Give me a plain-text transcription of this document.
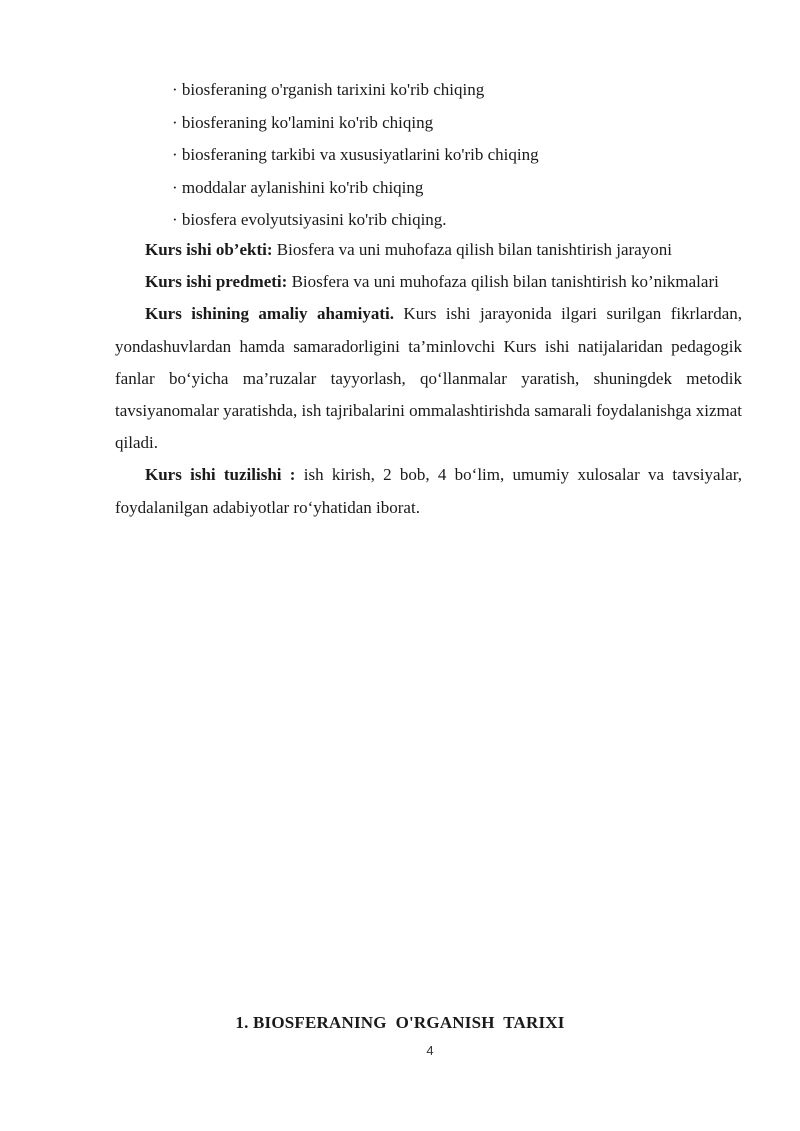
· biosferaning o'rganish tarixini ko'rib chiqing
· biosferaning ko'lamini ko'rib chiqing
· biosferaning tarkibi va xususiyatlarini ko'rib chiqing
· moddalar aylanishini ko'rib chiqing
· biosfera evolyutsiyasini ko'rib chiqing.

Kurs ishi ob’ekti: Biosfera va uni muhofaza qilish bilan tanishtirish jarayoni

Kurs ishi predmeti: Biosfera va uni muhofaza qilish bilan tanishtirish ko’nikmalari

Kurs ishining amaliy ahamiyati. Kurs ishi jarayonida ilgari surilgan fikrlardan, yondashuvlardan hamda samaradorligini ta’minlovchi Kurs ishi natijalaridan pedagogik fanlar bo‘yicha ma’ruzalar tayyorlash, qo‘llanmalar yaratish, shuningdek metodik tavsiyanomalar yaratishda, ish tajribalarini ommalashtirishda samarali foydalanishga xizmat qiladi.

Kurs ishi tuzilishi : ish kirish, 2 bob, 4 bo‘lim, umumiy xulosalar va tavsiyalar, foydalanilgan adabiyotlar ro‘yhatidan iborat.

1. BIOSFERANING  O'RGANISH  TARIXI
4
